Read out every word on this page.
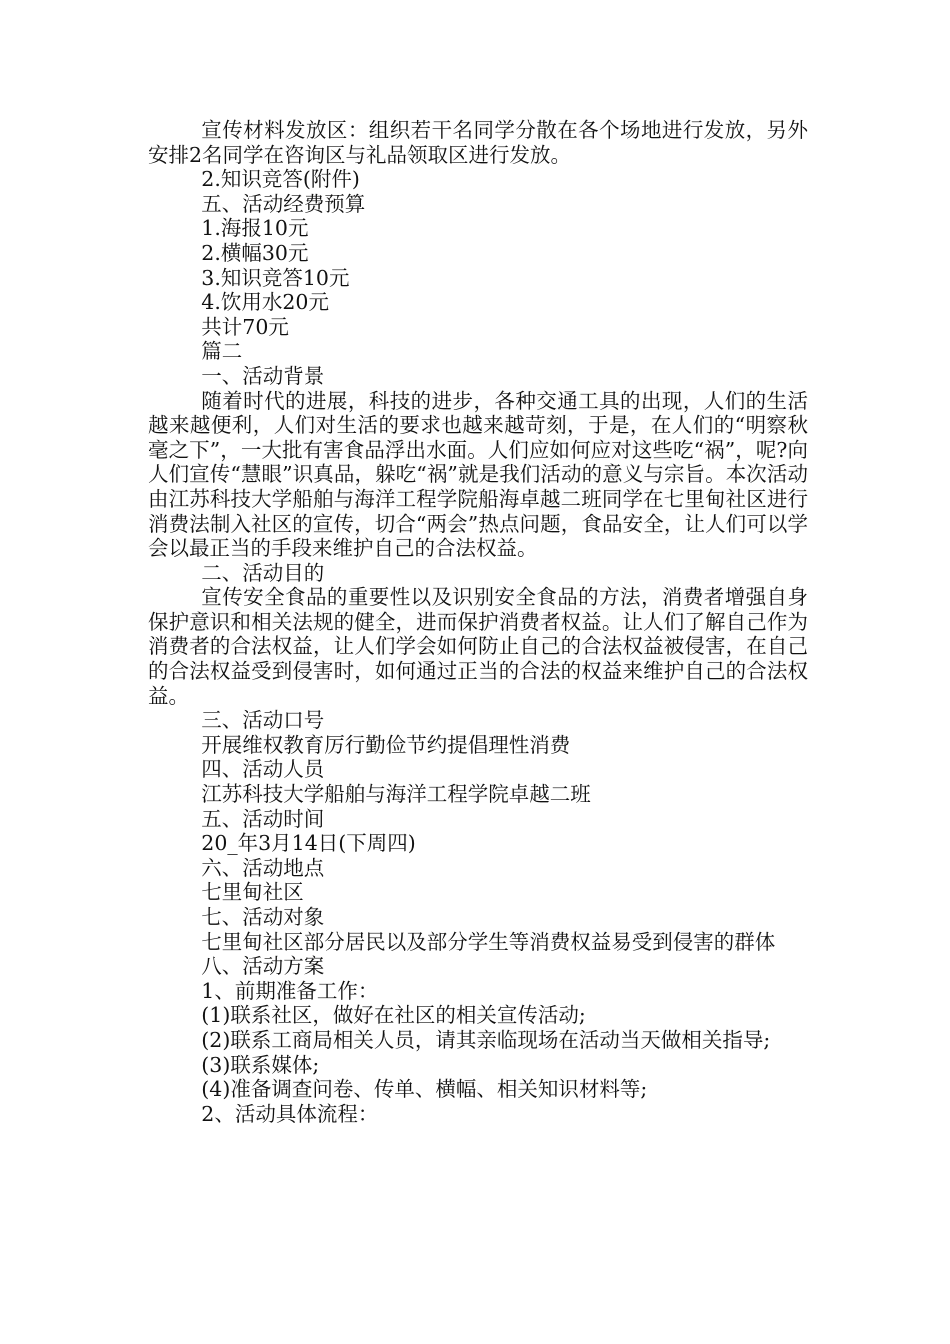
宣传材料发放区：组织若干名同学分散在各个场地进行发放，另外安排2名同学在咨询区与礼品领取区进行发放。

2.知识竞答(附件)

五、活动经费预算

1.海报10元

2.横幅30元

3.知识竞答10元

4.饮用水20元

共计70元

篇二

一、活动背景

随着时代的进展，科技的进步，各种交通工具的出现，人们的生活越来越便利，人们对生活的要求也越来越苛刻，于是，在人们的“明察秋毫之下”，一大批有害食品浮出水面。人们应如何应对这些吃“祸”，呢?向人们宣传“慧眼”识真品，躲吃“祸”就是我们活动的意义与宗旨。本次活动由江苏科技大学船舶与海洋工程学院船海卓越二班同学在七里甸社区进行消费法制入社区的宣传，切合“两会”热点问题，食品安全，让人们可以学会以最正当的手段来维护自己的合法权益。

二、活动目的

宣传安全食品的重要性以及识别安全食品的方法，消费者增强自身保护意识和相关法规的健全，进而保护消费者权益。让人们了解自己作为消费者的合法权益，让人们学会如何防止自己的合法权益被侵害，在自己的合法权益受到侵害时，如何通过正当的合法的权益来维护自己的合法权益。

三、活动口号

开展维权教育厉行勤俭节约提倡理性消费

四、活动人员

江苏科技大学船舶与海洋工程学院卓越二班

五、活动时间

20_年3月14日(下周四)

六、活动地点

七里甸社区

七、活动对象

七里甸社区部分居民以及部分学生等消费权益易受到侵害的群体

八、活动方案

1、前期准备工作：

(1)联系社区，做好在社区的相关宣传活动;

(2)联系工商局相关人员，请其亲临现场在活动当天做相关指导;

(3)联系媒体;

(4)准备调查问卷、传单、横幅、相关知识材料等;

2、活动具体流程：
